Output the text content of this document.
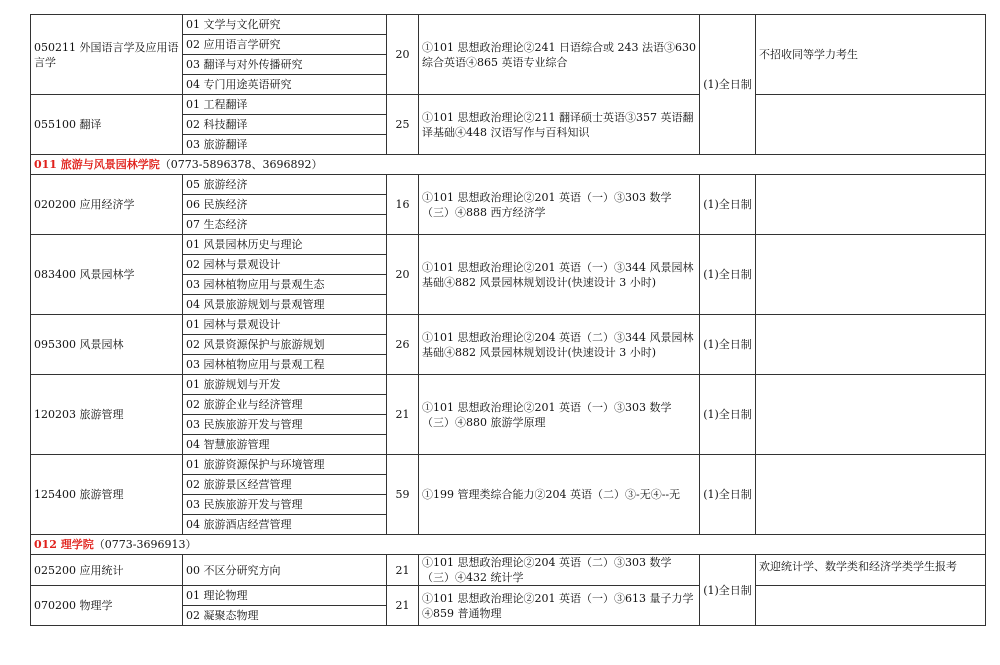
050211 外国语言学及应用语言学	01 文学与文化研究	20	①101 思想政治理论②241 日语综合或 243 法语③630 综合英语④865 英语专业综合	(1)全日制	不招收同等学力考生
	02 应用语言学研究				
	03 翻译与对外传播研究				
	04 专门用途英语研究				
055100 翻译	01 工程翻译	25	①101 思想政治理论②211 翻译硕士英语③357 英语翻译基础④448 汉语写作与百科知识		
	02 科技翻译				
	03 旅游翻译				
011 旅游与风景园林学院（0773-5896378、3696892）					
020200 应用经济学	05 旅游经济	16	①101 思想政治理论②201 英语（一）③303 数学（三）④888 西方经济学	(1)全日制	
	06 民族经济				
	07 生态经济				
083400 风景园林学	01 风景园林历史与理论	20	①101 思想政治理论②201 英语（一）③344 风景园林基础④882 风景园林规划设计(快速设计 3 小时)	(1)全日制	
	02 园林与景观设计				
	03 园林植物应用与景观生态				
	04 风景旅游规划与景观管理				
095300 风景园林	01 园林与景观设计	26	①101 思想政治理论②204 英语（二）③344 风景园林基础④882 风景园林规划设计(快速设计 3 小时)	(1)全日制	
	02 风景资源保护与旅游规划				
	03 园林植物应用与景观工程				
120203 旅游管理	01 旅游规划与开发	21	①101 思想政治理论②201 英语（一）③303 数学（三）④880 旅游学原理	(1)全日制	
	02 旅游企业与经济管理				
	03 民族旅游开发与管理				
	04 智慧旅游管理				
125400 旅游管理	01 旅游资源保护与环境管理	59	①199 管理类综合能力②204 英语（二）③-无④--无	(1)全日制	
	02 旅游景区经营管理				
	03 民族旅游开发与管理				
	04 旅游酒店经营管理				
012 理学院（0773-3696913）					
025200 应用统计	00 不区分研究方向	21	①101 思想政治理论②204 英语（二）③303 数学（三）④432 统计学	(1)全日制	欢迎统计学、数学类和经济学类学生报考
070200 物理学	01 理论物理	21	①101 思想政治理论②201 英语（一）③613 量子力学④859 普通物理		
	02 凝聚态物理				
